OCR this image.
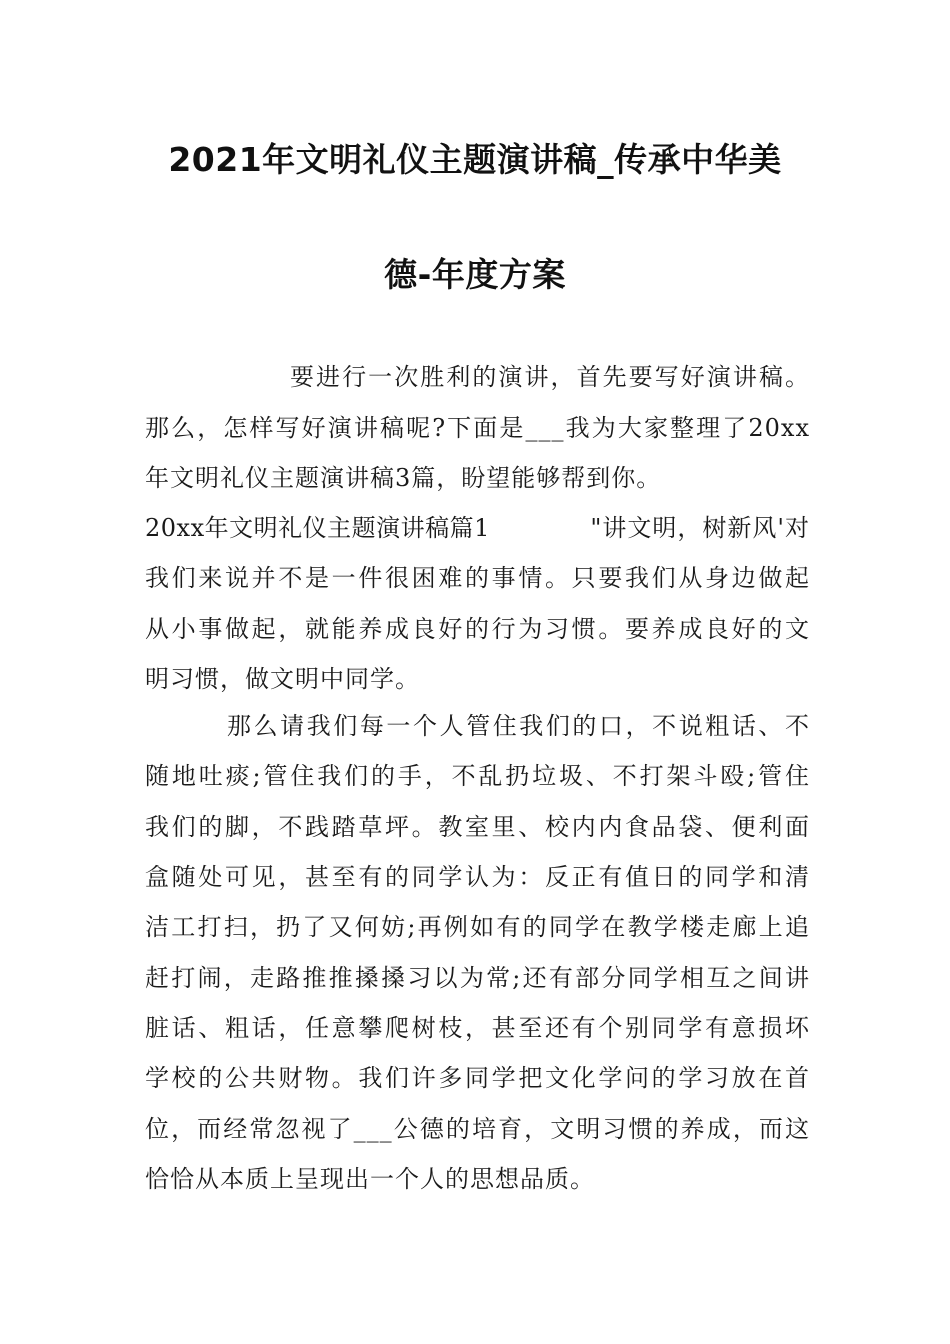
2021年文明礼仪主题演讲稿_传承中华美
德-年度方案
要进行一次胜利的演讲，首先要写好演讲稿。
那么，怎样写好演讲稿呢?下面是___我为大家整理了20xx
年文明礼仪主题演讲稿3篇，盼望能够帮到你。
20xx年文明礼仪主题演讲稿篇1	"讲文明，树新风'对
我们来说并不是一件很困难的事情。只要我们从身边做起
从小事做起，就能养成良好的行为习惯。要养成良好的文
明习惯，做文明中同学。
那么请我们每一个人管住我们的口，不说粗话、不
随地吐痰;管住我们的手，不乱扔垃圾、不打架斗殴;管住
我们的脚，不践踏草坪。教室里、校内内食品袋、便利面
盒随处可见，甚至有的同学认为：反正有值日的同学和清
洁工打扫，扔了又何妨;再例如有的同学在教学楼走廊上追
赶打闹，走路推推搡搡习以为常;还有部分同学相互之间讲
脏话、粗话，任意攀爬树枝，甚至还有个别同学有意损坏
学校的公共财物。我们许多同学把文化学问的学习放在首
位，而经常忽视了___公德的培育，文明习惯的养成，而这
恰恰从本质上呈现出一个人的思想品质。
